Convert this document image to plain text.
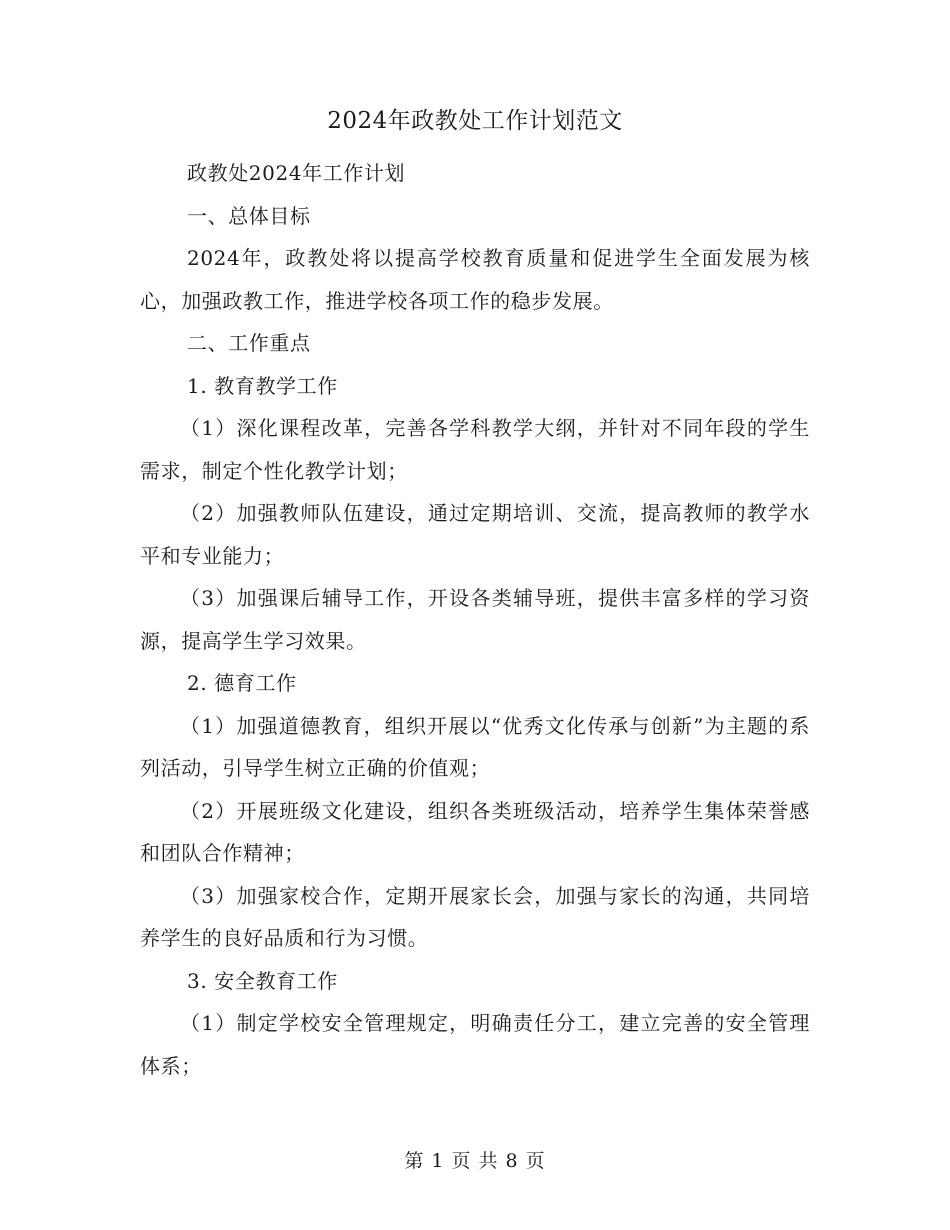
2024年政教处工作计划范文

政教处2024年工作计划

一、总体目标

2024年，政教处将以提高学校教育质量和促进学生全面发展为核心，加强政教工作，推进学校各项工作的稳步发展。

二、工作重点

1. 教育教学工作

（1）深化课程改革，完善各学科教学大纲，并针对不同年段的学生需求，制定个性化教学计划；

（2）加强教师队伍建设，通过定期培训、交流，提高教师的教学水平和专业能力；

（3）加强课后辅导工作，开设各类辅导班，提供丰富多样的学习资源，提高学生学习效果。

2. 德育工作

（1）加强道德教育，组织开展以“优秀文化传承与创新”为主题的系列活动，引导学生树立正确的价值观；

（2）开展班级文化建设，组织各类班级活动，培养学生集体荣誉感和团队合作精神；

（3）加强家校合作，定期开展家长会，加强与家长的沟通，共同培养学生的良好品质和行为习惯。

3. 安全教育工作

（1）制定学校安全管理规定，明确责任分工，建立完善的安全管理体系；

第 1 页 共 8 页
